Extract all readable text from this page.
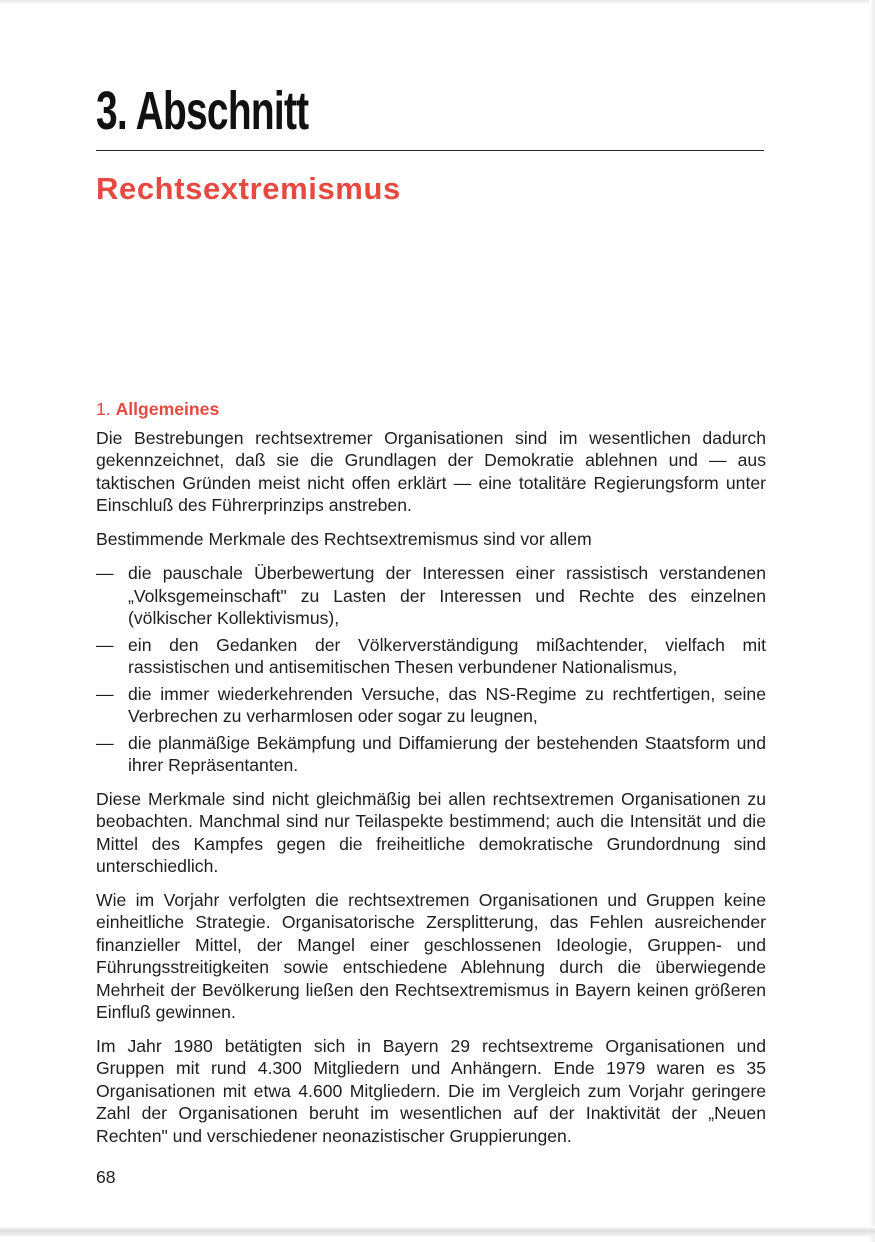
3. Abschnitt
Rechtsextremismus
1. Allgemeines

Die Bestrebungen rechtsextremer Organisationen sind im wesentlichen dadurch gekennzeichnet, daß sie die Grundlagen der Demokratie ablehnen und — aus taktischen Gründen meist nicht offen erklärt — eine totalitäre Regierungsform unter Einschluß des Führerprinzips anstreben.

Bestimmende Merkmale des Rechtsextremismus sind vor allem

— die pauschale Überbewertung der Interessen einer rassistisch verstandenen „Volksgemeinschaft" zu Lasten der Interessen und Rechte des einzelnen (völkischer Kollektivismus),
— ein den Gedanken der Völkerverständigung mißachtender, vielfach mit rassistischen und antisemitischen Thesen verbundener Nationalismus,
— die immer wiederkehrenden Versuche, das NS-Regime zu rechtfertigen, seine Verbrechen zu verharmlosen oder sogar zu leugnen,
— die planmäßige Bekämpfung und Diffamierung der bestehenden Staatsform und ihrer Repräsentanten.

Diese Merkmale sind nicht gleichmäßig bei allen rechtsextremen Organisationen zu beobachten. Manchmal sind nur Teilaspekte bestimmend; auch die Intensität und die Mittel des Kampfes gegen die freiheitliche demokratische Grundordnung sind unterschiedlich.

Wie im Vorjahr verfolgten die rechtsextremen Organisationen und Gruppen keine einheitliche Strategie. Organisatorische Zersplitterung, das Fehlen ausreichender finanzieller Mittel, der Mangel einer geschlossenen Ideologie, Gruppen- und Führungsstreitigkeiten sowie entschiedene Ablehnung durch die überwiegende Mehrheit der Bevölkerung ließen den Rechtsextremismus in Bayern keinen größeren Einfluß gewinnen.

Im Jahr 1980 betätigten sich in Bayern 29 rechtsextreme Organisationen und Gruppen mit rund 4.300 Mitgliedern und Anhängern. Ende 1979 waren es 35 Organisationen mit etwa 4.600 Mitgliedern. Die im Vergleich zum Vorjahr geringere Zahl der Organisationen beruht im wesentlichen auf der Inaktivität der „Neuen Rechten" und verschiedener neonazistischer Gruppierungen.

68
